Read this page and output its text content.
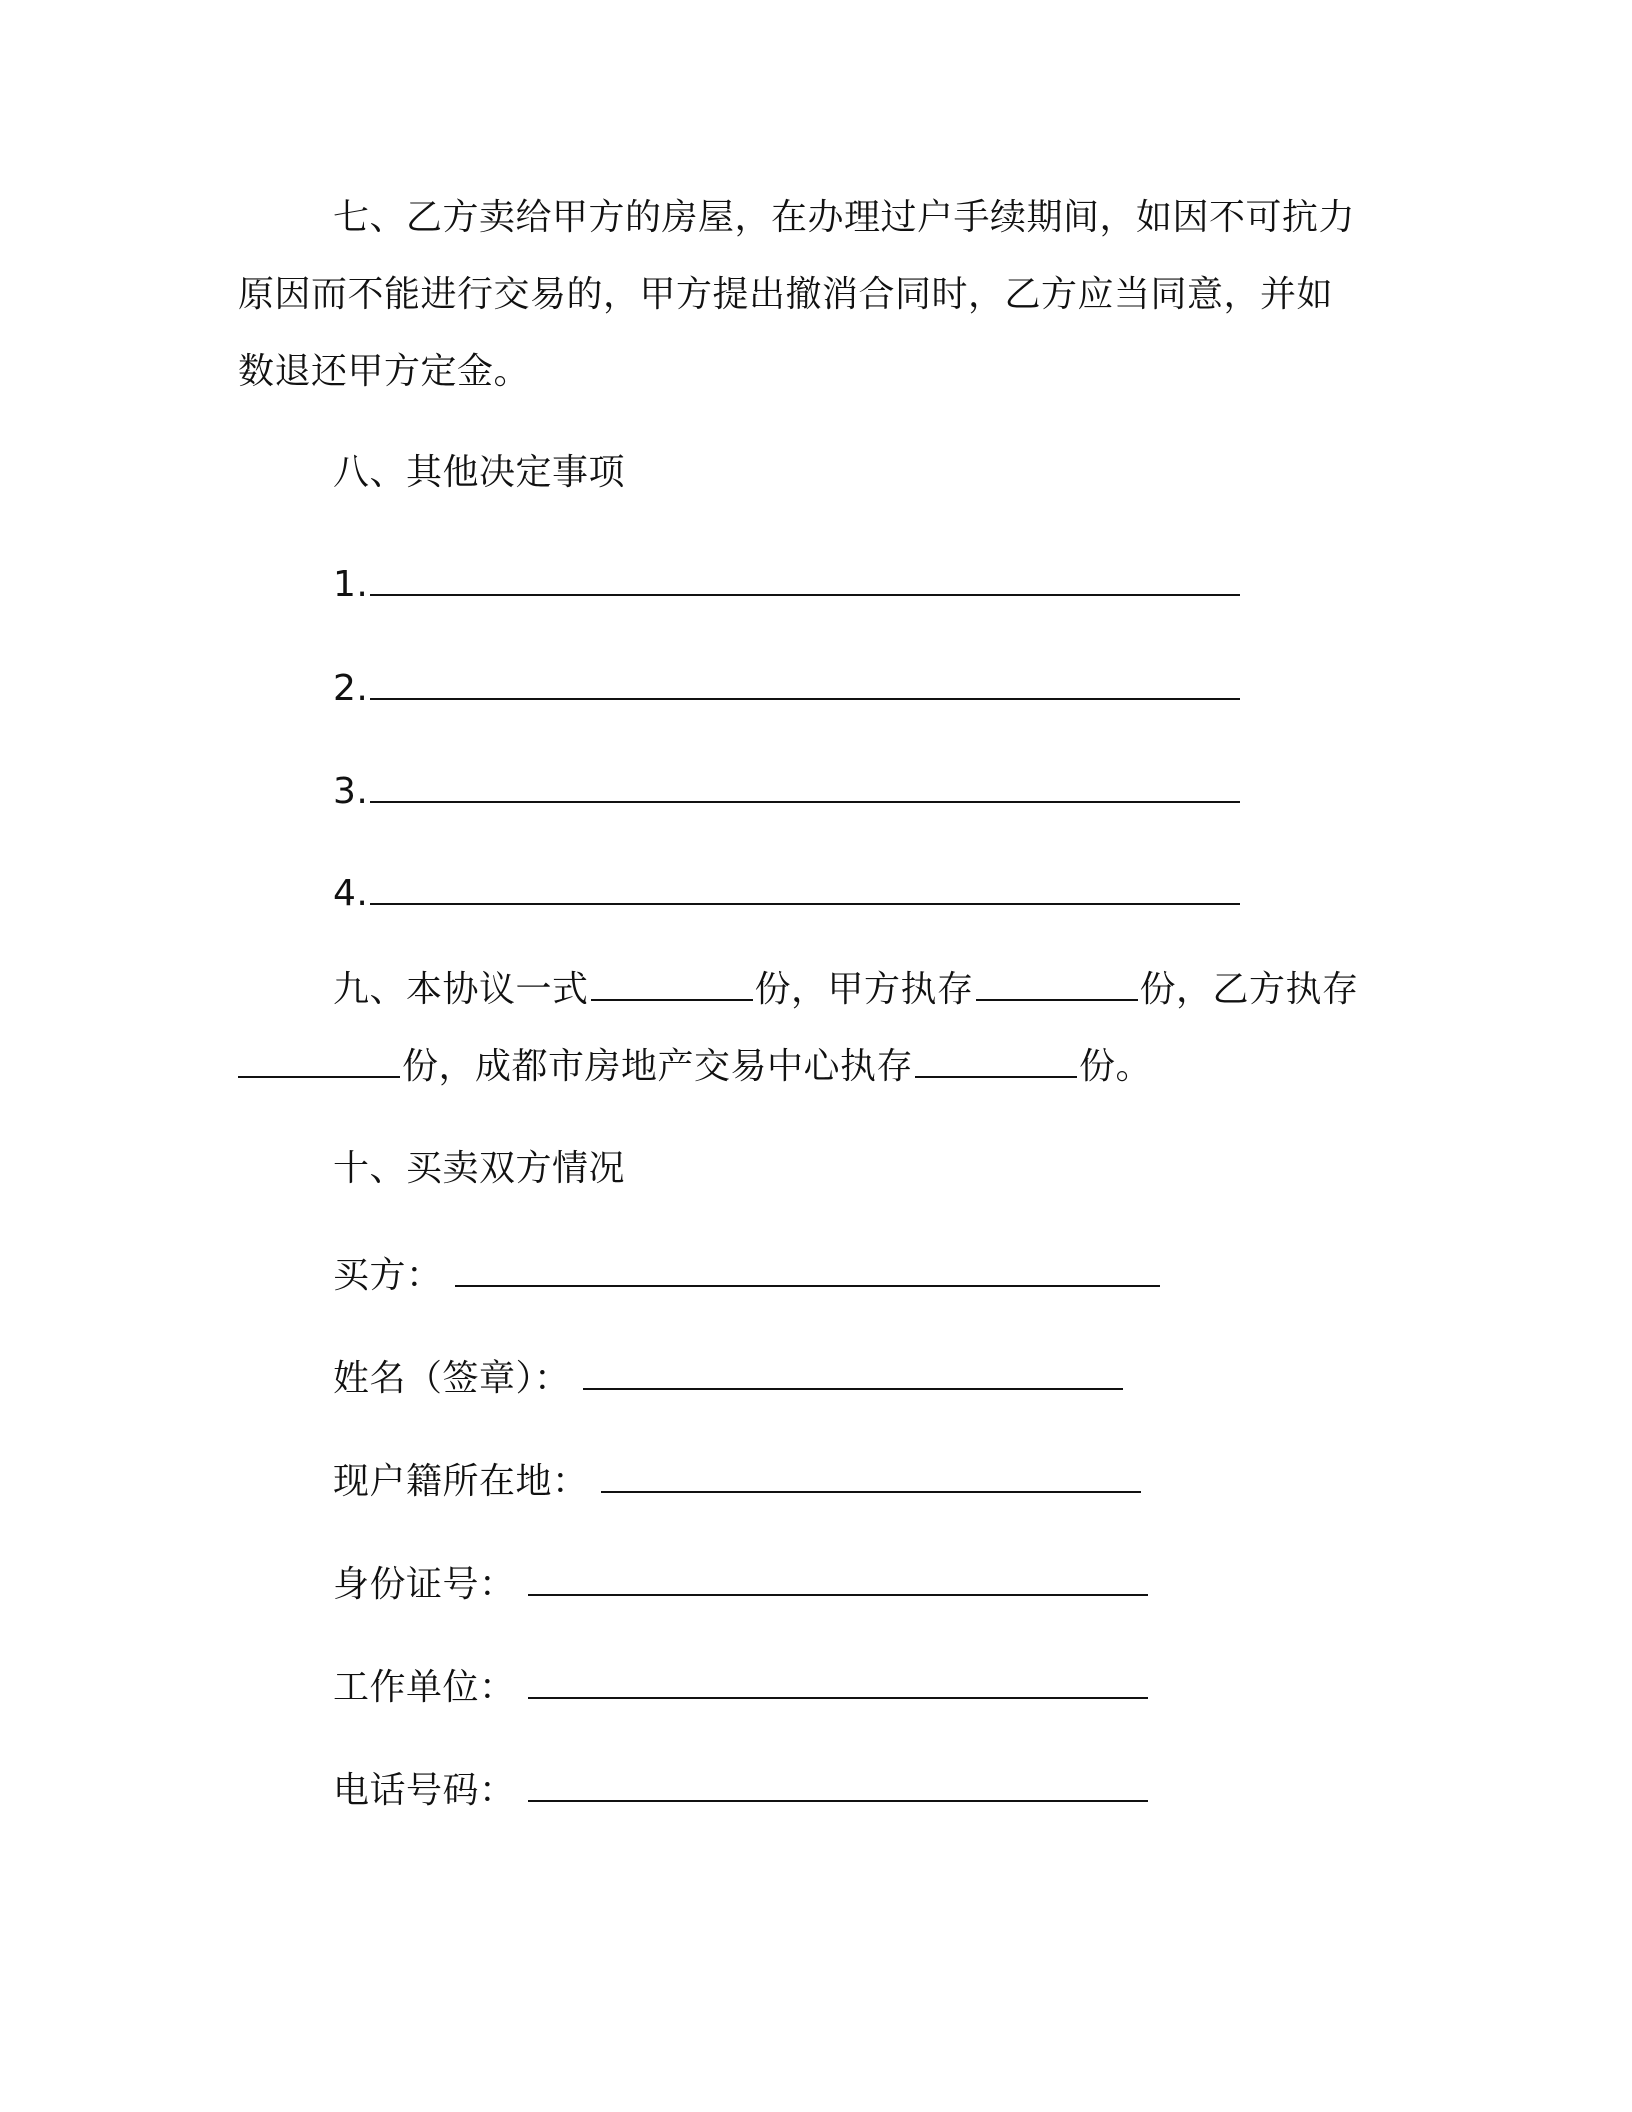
七、乙方卖给甲方的房屋，在办理过户手续期间，如因不可抗力
原因而不能进行交易的，甲方提出撤消合同时，乙方应当同意，并如
数退还甲方定金。
八、其他决定事项
1.
2.
3.
4.
九、本协议一式	份，甲方执存	份，乙方执存
份，成都市房地产交易中心执存	份。
十、买卖双方情况
买方：
姓名（签章）：
现户籍所在地：
身份证号：
工作单位：
电话号码：
